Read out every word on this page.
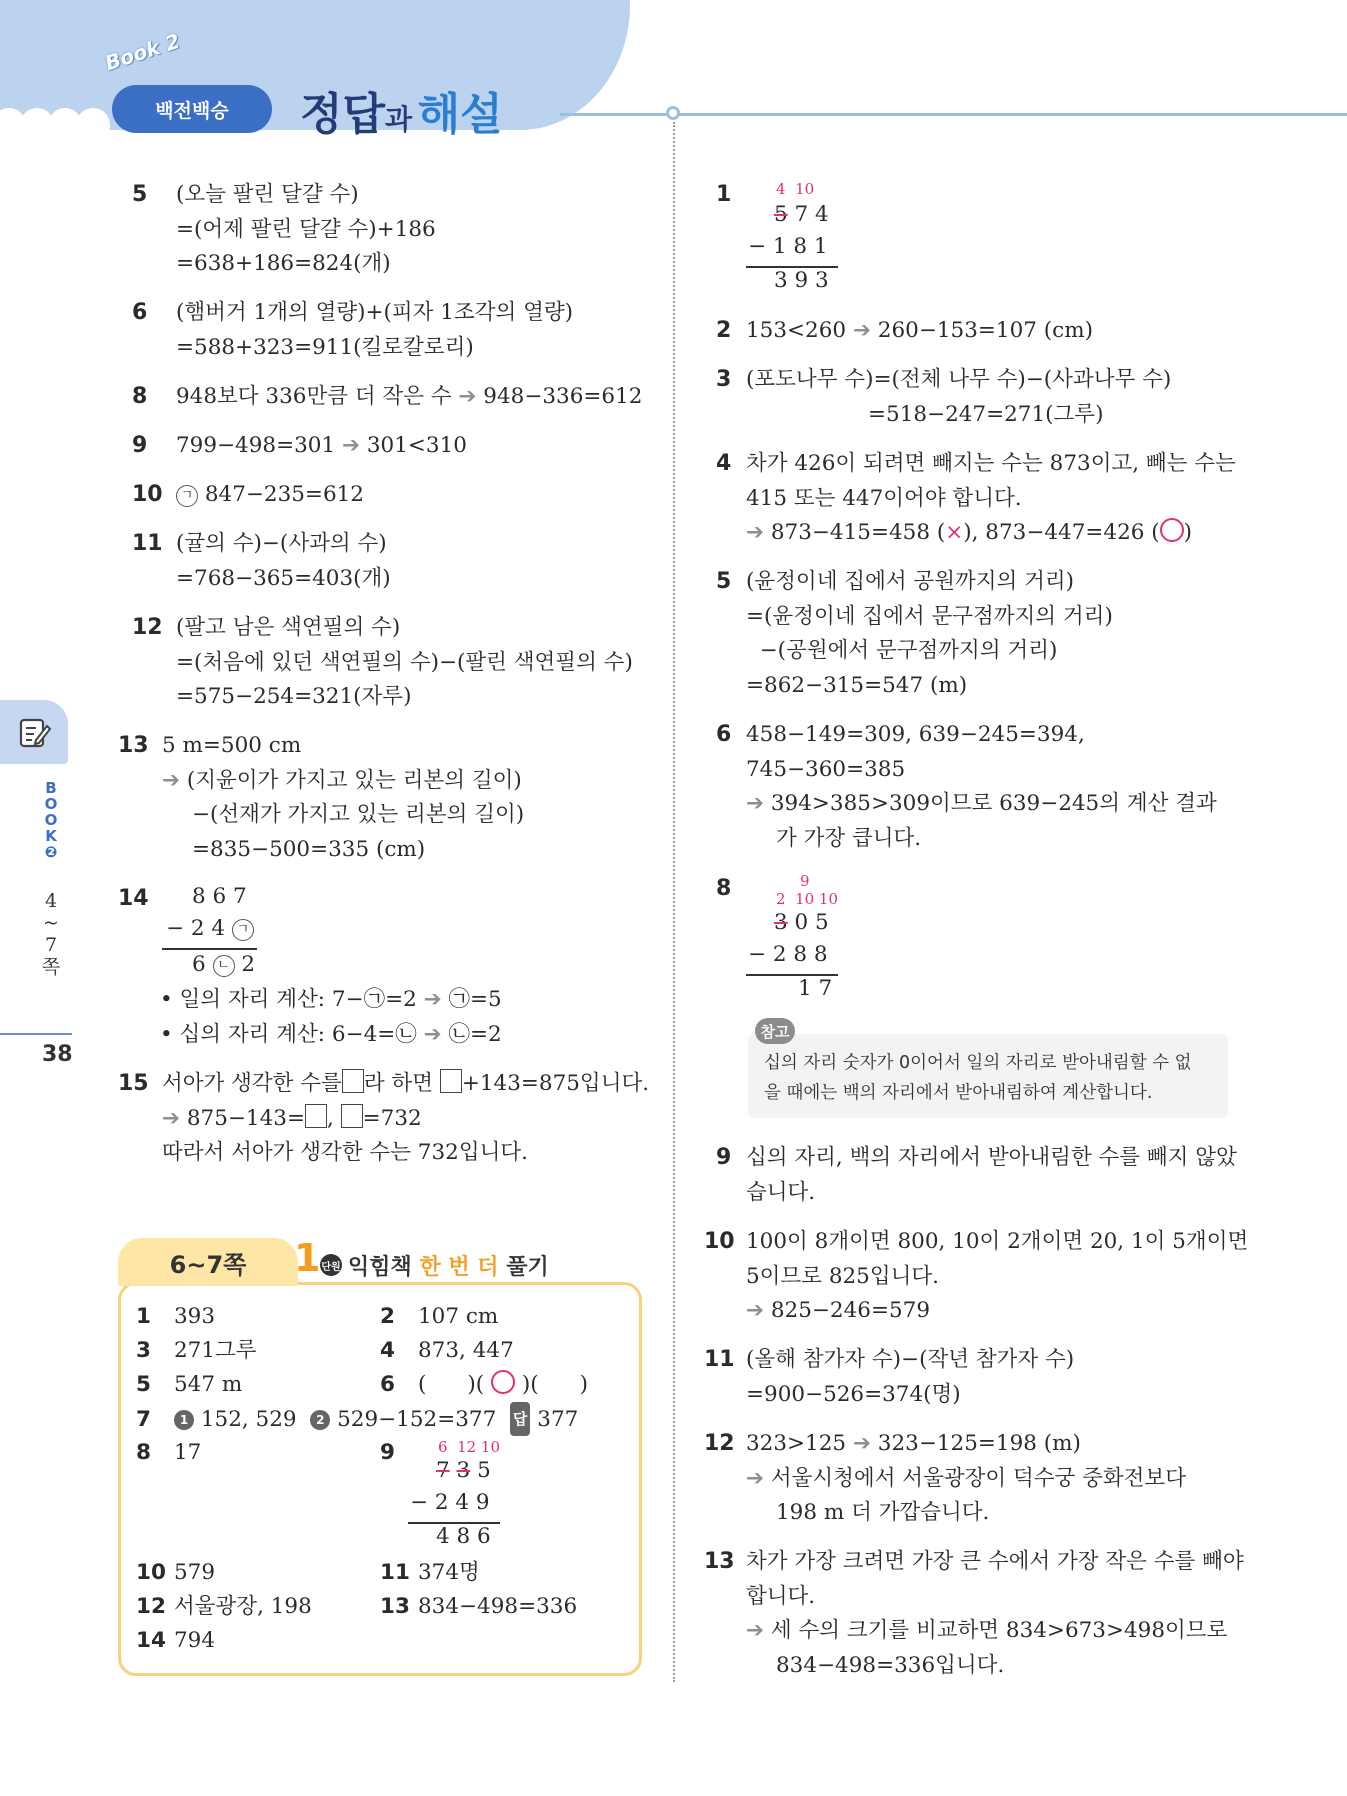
Book 2
백전백승	정답과 해설
B
O
O
K
❷
4
~
7
쪽
38
5 (오늘 팔린 달걀 수)
=(어제 팔린 달걀 수)+186
=638+186=824(개)
6 (햄버거 1개의 열량)+(피자 1조각의 열량)
=588+323=911(킬로칼로리)
8 948보다 336만큼 더 작은 수 ➔ 948−336=612
9 799−498=301 ➔ 301<310
10	ㄱ 847−235=612
11 (귤의 수)−(사과의 수)
=768−365=403(개)
12 (팔고 남은 색연필의 수)
=(처음에 있던 색연필의 수)−(팔린 색연필의 수)
=575−254=321(자루)
13 5 m=500 cm
➔ (지윤이가 가지고 있는 리본의 길이)
−(선재가 가지고 있는 리본의 길이)
=835−500=335 (cm)
14 8 6 7
− 2 4 ㄱ
6 ㄴ 2
• 일의 자리 계산: 7−㉠=2 ➔ ㉠=5
• 십의 자리 계산: 6−4=㉡ ➔ ㉡=2
15 서아가 생각한 수를 라 하면 +143=875입니다.
➔ 875−143= , =732
따라서 서아가 생각한 수는 732입니다.
6~7쪽	1 단원 익힘책 한 번 더 풀기
1 393	2 107 cm
3 271그루	4 873, 447
5 547 m	6 ( )( ○ )( )
7 1 152, 529 2 529−152=377 답 377
8 17	9	6  12 10
7 3 5
− 2 4 9
4 8 6
10 579	11 374명
12 서울광장, 198	13 834−498=336
14 794
1	4  10
5 7 4
− 1 8 1
3 9 3
2 153<260 ➔ 260−153=107 (cm)
3 (포도나무 수)=(전체 나무 수)−(사과나무 수)
=518−247=271(그루)
4 차가 426이 되려면 빼지는 수는 873이고, 빼는 수는
415 또는 447이어야 합니다.
➔ 873−415=458 (×), 873−447=426 (○)
5 (윤정이네 집에서 공원까지의 거리)
=(윤정이네 집에서 문구점까지의 거리)
−(공원에서 문구점까지의 거리)
=862−315=547 (m)
6 458−149=309, 639−245=394,
745−360=385
➔ 394>385>309이므로 639−245의 계산 결과
가 가장 큽니다.
8	9
2  10 10
3 0 5
− 2 8 8
1 7
참고
십의 자리 숫자가 0이어서 일의 자리로 받아내림할 수 없
을 때에는 백의 자리에서 받아내림하여 계산합니다.
9 십의 자리, 백의 자리에서 받아내림한 수를 빼지 않았
습니다.
10 100이 8개이면 800, 10이 2개이면 20, 1이 5개이면
5이므로 825입니다.
➔ 825−246=579
11 (올해 참가자 수)−(작년 참가자 수)
=900−526=374(명)
12 323>125 ➔ 323−125=198 (m)
➔ 서울시청에서 서울광장이 덕수궁 중화전보다
198 m 더 가깝습니다.
13 차가 가장 크려면 가장 큰 수에서 가장 작은 수를 빼야
합니다.
➔ 세 수의 크기를 비교하면 834>673>498이므로
834−498=336입니다.
